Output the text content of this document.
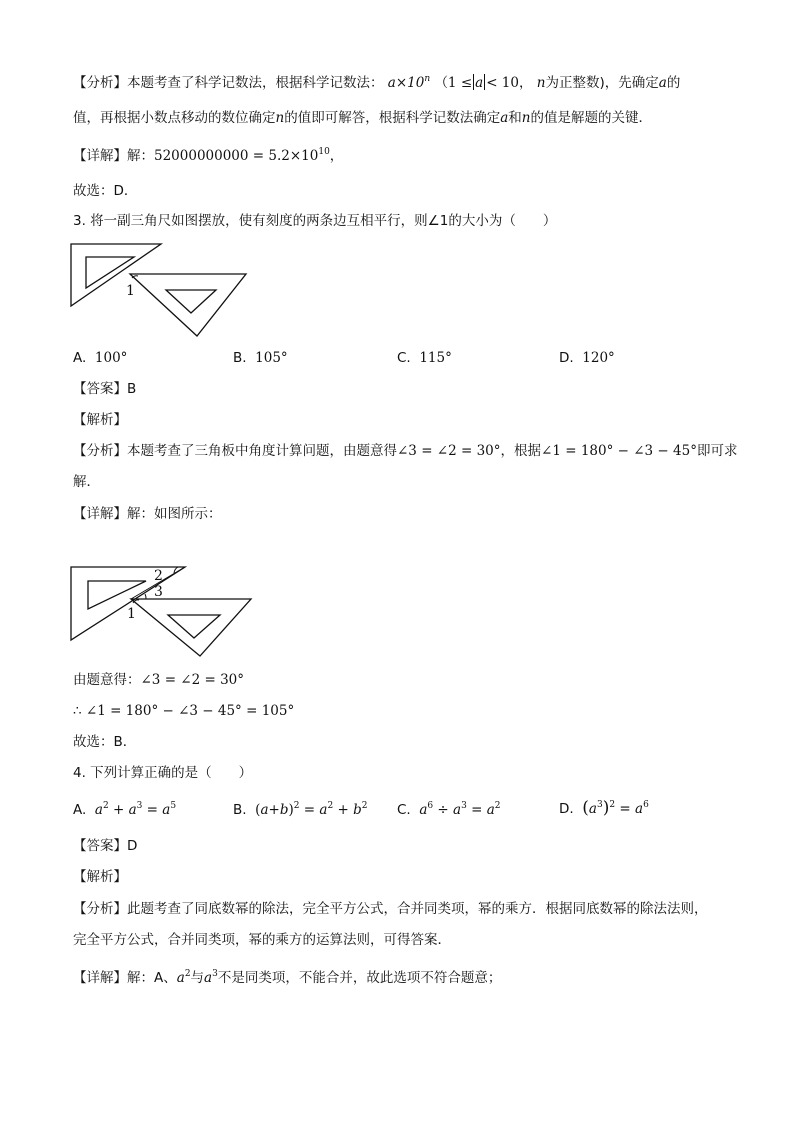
【分析】本题考查了科学记数法，根据科学记数法： $a\times 10^n$ （1 ≤ a < 10， n为正整数)，先确定a的
值，再根据小数点移动的数位确定n的值即可解答，根据科学记数法确定a和n的值是解题的关键．
【详解】解：$52000000000 = 5.2\times 10^{10}$，
故选：D．
3. 将一副三角尺如图摆放，使有刻度的两条边互相平行，则∠1的大小为（　　）
1
A. 100°	B. 105°	C. 115°	D. 120°
【答案】B
【解析】
【分析】本题考查了三角板中角度计算问题，由题意得∠3 = ∠2 = 30°，根据∠1 = 180° − ∠3 − 45°即可求
解．
【详解】解：如图所示：
2
3
1
由题意得：∠3 = ∠2 = 30°
∴ ∠1 = 180° − ∠3 − 45° = 105°
故选：B．
4. 下列计算正确的是（　　）
A. $a^2 + a^3 = a^5$	B. $(a+b)^2 = a^2 + b^2$ C. $a^6 \div a^3 = a^2$	D. $(a^3)^2 = a^6$
【答案】D
【解析】
【分析】此题考查了同底数幂的除法，完全平方公式，合并同类项，幂的乘方．根据同底数幂的除法法则，
完全平方公式，合并同类项，幂的乘方的运算法则，可得答案．
【详解】解：A、$a^2$与$a^3$不是同类项，不能合并，故此选项不符合题意；
